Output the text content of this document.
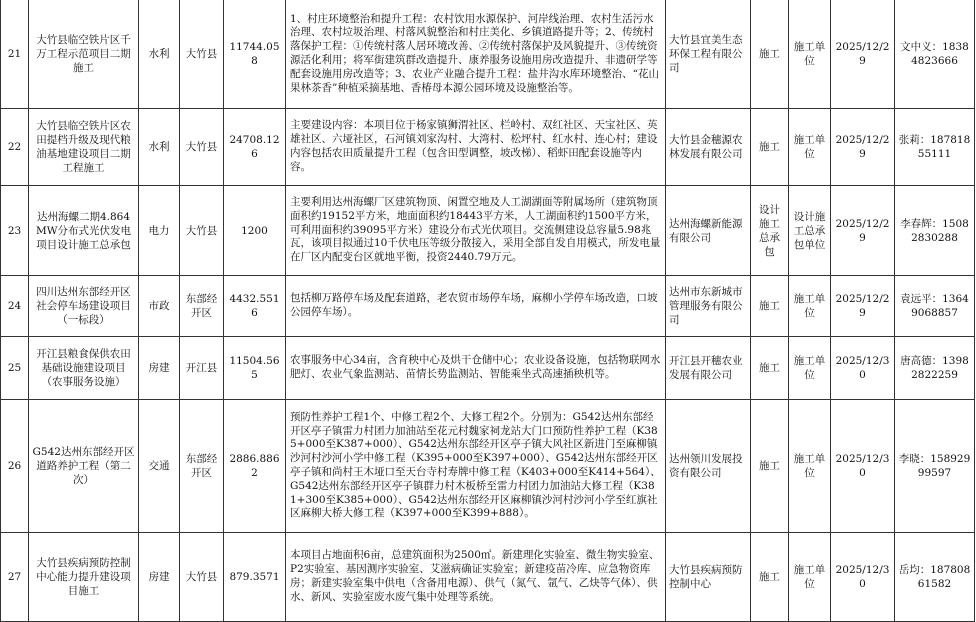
21	大竹县临空铁片区千万工程示范项目二期施工	水利	大竹县	11744.058	1、村庄环境整治和提升工程：农村饮用水源保护、河岸线治理、农村生活污水治理、农村垃圾治理、村落风貌整治和村庄美化、乡镇道路提升等；2、传统村落保护工程：①传统村落人居环境改善、②传统村落保护及风貌提升、③传统资源活化利用；将军街建筑群改造提升、康养服务设施用房改造提升、非遗研学等配套设施用房改造等；3、农业产业融合提升工程：盐井沟水库环境整治、“花山果林茶香”种植采摘基地、香椿母本源公园环境及设施整治等。	大竹县宜美生态环保工程有限公司	施工	施工单位	2025/12/29	文中义：18384823666
22	大竹县临空铁片区农田提档升级及现代粮油基地建设项目二期工程施工	水利	大竹县	24708.126	主要建设内容：本项目位于杨家镇狮渭社区、栏岭村、双红社区、天宝社区、英雄社区、六垭社区，石河镇刘家沟村、大湾村、松坪村、红水村、连心村；建设内容包括农田质量提升工程（包含田型调整，坡改梯）、稻虾田配套设施等内容。	大竹县金穗源农林发展有限公司	施工	施工单位	2025/12/29	张莉：18781855111
23	达州海螺二期4.864MW分布式光伏发电项目设计施工总承包	电力	大竹县	1200	主要利用达州海螺厂区建筑物顶、闲置空地及人工湖湖面等附属场所（建筑物顶面积约19152平方米，地面面积约18443平方米，人工湖面积约1500平方米，可利用面积约39095平方米）建设分布式光伏项目。交流侧建设总容量5.98兆瓦，该项目拟通过10千伏电压等级分散接入，采用全部自发自用模式，所发电量在厂区内配变台区就地平衡，投资2440.79万元。	达州海螺新能源有限公司	设计施工总承包	设计施工总承包单位	2025/12/29	李春辉：15082830288
24	四川达州东部经开区社会停车场建设项目（一标段）	市政	东部经开区	4432.5516	包括柳万路停车场及配套道路，老农贸市场停车场，麻柳小学停车场改造，口坡公园停车场）。	达州市东新城市管理服务有限公司	施工	施工单位	2025/12/29	袁远平：13649068857
25	开江县粮食保供农田基础设施建设项目（农事服务设施）	房建	开江县	11504.565	农事服务中心34亩，含育秧中心及烘干仓储中心；农业设备设施，包括物联网水肥灯、农业气象监测站、苗情长势监测站、智能乘坐式高速插秧机等。	开江县开穗农业发展有限公司	施工	施工单位	2025/12/30	唐高德：13982822259
26	G542达州东部经开区道路养护工程（第二次）	交通	东部经开区	2886.8862	预防性养护工程1个、中修工程2个、大修工程2个。分别为：G542达州东部经开区亭子镇雷力村团力加油站至花元村魏家祠龙站大门口预防性养护工程（K385+000至K387+000）、G542达州东部经开区亭子镇大风社区新进门至麻柳镇沙河村沙河小学中修工程（K395+000至K397+000）、G542达州东部经开区亭子镇和尚村王木垭口至天台寺村寿牌中修工程（K403+000至K414+564）、G542达州东部经开区亭子镇群力村木板桥至雷力村团力加油站大修工程（K381+300至K385+000）、G542达州东部经开区麻柳镇沙河村沙河小学至红旗社区麻柳大桥大修工程（K397+000至K399+888）。	达州领川发展投资有限公司	施工	施工单位	2025/12/30	李晓：15892999597
27	大竹县疾病预防控制中心能力提升建设项目施工	房建	大竹县	879.3571	本项目占地面积6亩，总建筑面积为2500㎡。新建理化实验室、微生物实验室、P2实验室、基因测序实验室、艾滋病确证实验室；新建疫苗冷库、应急物资库房；新建实验室集中供电（含备用电源）、供气（氮气、氩气、乙炔等气体）、供水、新风、实验室废水废气集中处理等系统。	大竹县疾病预防控制中心	施工	施工单位	2025/12/30	岳均：18780861582
